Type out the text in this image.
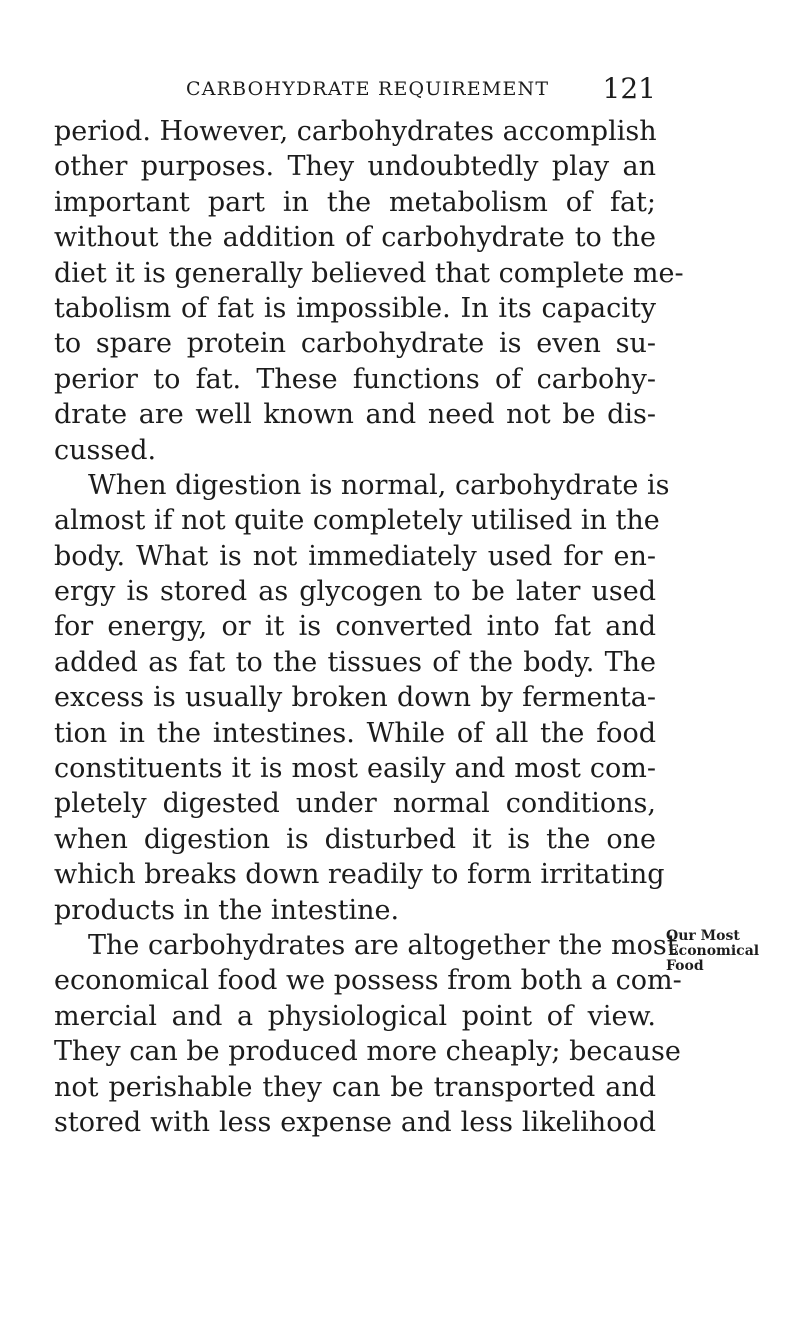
CARBOHYDRATE REQUIREMENT 121
period. However, carbohydrates accomplish
other purposes. They undoubtedly play an
important part in the metabolism of fat;
without the addition of carbohydrate to the
diet it is generally believed that complete me-
tabolism of fat is impossible. In its capacity
to spare protein carbohydrate is even su-
perior to fat. These functions of carbohy-
drate are well known and need not be dis-
cussed.
When digestion is normal, carbohydrate is
almost if not quite completely utilised in the
body. What is not immediately used for en-
ergy is stored as glycogen to be later used
for energy, or it is converted into fat and
added as fat to the tissues of the body. The
excess is usually broken down by fermenta-
tion in the intestines. While of all the food
constituents it is most easily and most com-
pletely digested under normal conditions,
when digestion is disturbed it is the one
which breaks down readily to form irritating
products in the intestine.
The carbohydrates are altogether the most
economical food we possess from both a com-
mercial and a physiological point of view.
They can be produced more cheaply; because
not perishable they can be transported and
stored with less expense and less likelihood
Our Most
Economical
Food
